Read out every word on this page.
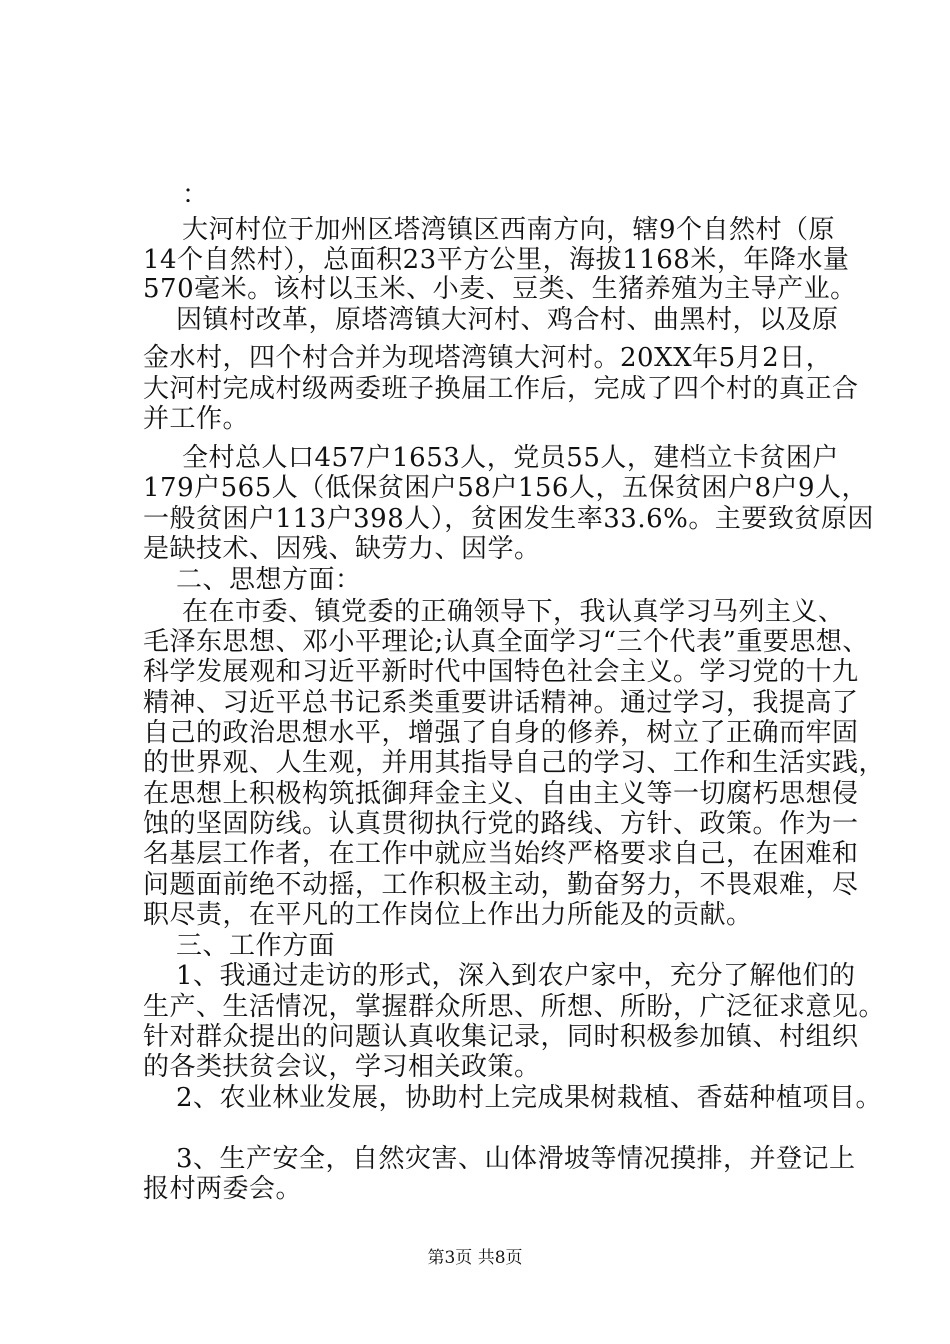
：
大河村位于加州区塔湾镇区西南方向，辖9个自然村（原
14个自然村），总面积23平方公里，海拔1168米，年降水量
570毫米。该村以玉米、小麦、豆类、生猪养殖为主导产业。
因镇村改革，原塔湾镇大河村、鸡合村、曲黑村，以及原
金水村，四个村合并为现塔湾镇大河村。20XX年5月2日，
大河村完成村级两委班子换届工作后，完成了四个村的真正合
并工作。
全村总人口457户1653人，党员55人，建档立卡贫困户
179户565人（低保贫困户58户156人，五保贫困户8户9人，
一般贫困户113户398人），贫困发生率33.6%。主要致贫原因
是缺技术、因残、缺劳力、因学。
二、思想方面：
在在市委、镇党委的正确领导下，我认真学习马列主义、
毛泽东思想、邓小平理论;认真全面学习“三个代表”重要思想、
科学发展观和习近平新时代中国特色社会主义。学习党的十九
精神、习近平总书记系类重要讲话精神。通过学习，我提高了
自己的政治思想水平，增强了自身的修养，树立了正确而牢固
的世界观、人生观，并用其指导自己的学习、工作和生活实践，
在思想上积极构筑抵御拜金主义、自由主义等一切腐朽思想侵
蚀的坚固防线。认真贯彻执行党的路线、方针、政策。作为一
名基层工作者，在工作中就应当始终严格要求自己，在困难和
问题面前绝不动摇，工作积极主动，勤奋努力，不畏艰难，尽
职尽责，在平凡的工作岗位上作出力所能及的贡献。
三、工作方面
1、我通过走访的形式，深入到农户家中，充分了解他们的
生产、生活情况，掌握群众所思、所想、所盼，广泛征求意见。
针对群众提出的问题认真收集记录，同时积极参加镇、村组织
的各类扶贫会议，学习相关政策。
2、农业林业发展，协助村上完成果树栽植、香菇种植项目。
3、生产安全，自然灾害、山体滑坡等情况摸排，并登记上
报村两委会。
第3页 共8页
